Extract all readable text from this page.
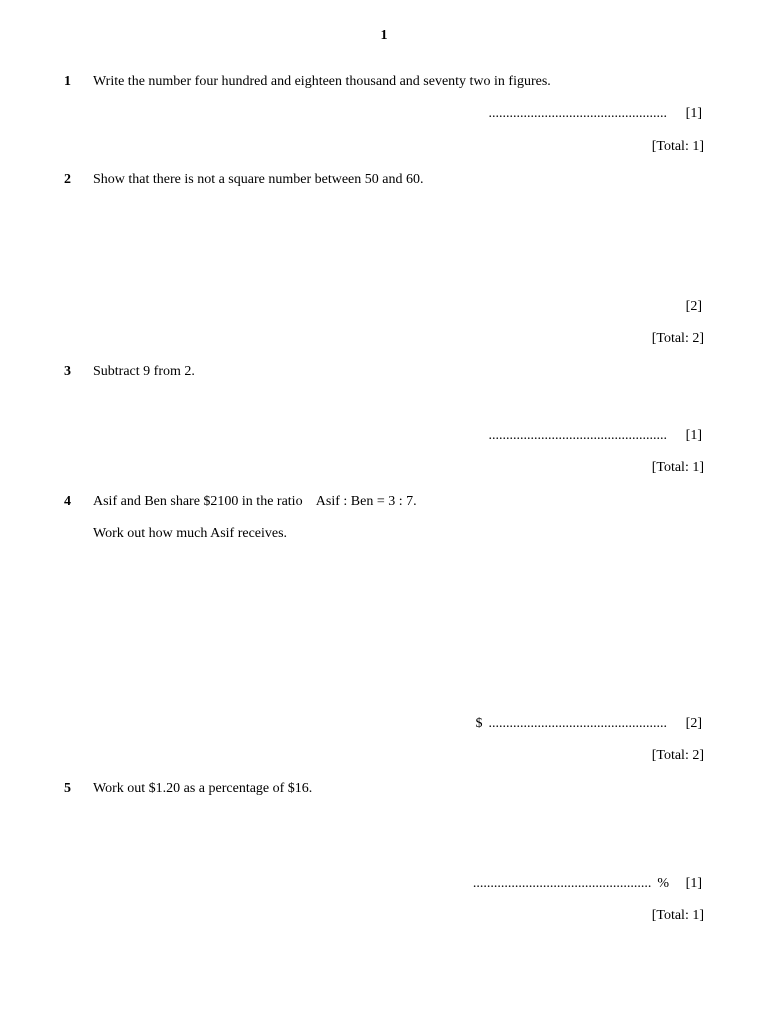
1
1 Write the number four hundred and eighteen thousand and seventy two in figures.
................................................... [1]
[Total: 1]
2 Show that there is not a square number between 50 and 60.
[2]
[Total: 2]
3 Subtract 9 from 2.
................................................... [1]
[Total: 1]
4 Asif and Ben share $2100 in the ratio    Asif : Ben = 3 : 7.
Work out how much Asif receives.
$ ................................................... [2]
[Total: 2]
5 Work out $1.20 as a percentage of $16.
................................................... % [1]
[Total: 1]
